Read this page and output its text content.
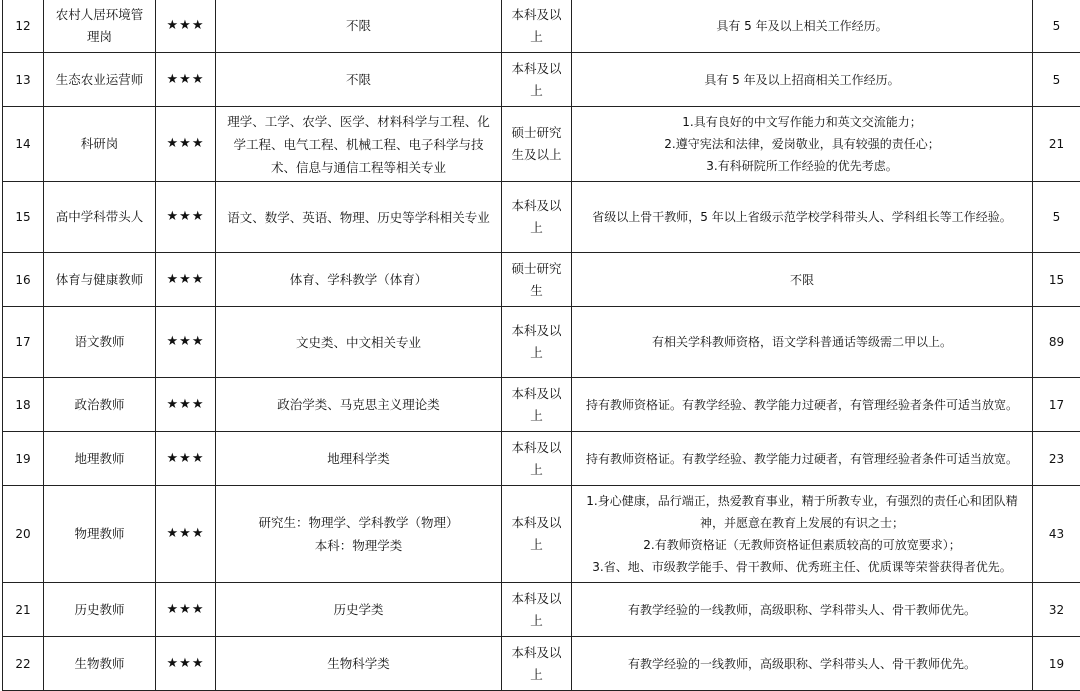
12	农村人居环境管理岗	★★★	不限	本科及以上	具有 5 年及以上相关工作经历。	5	
13	生态农业运营师	★★★	不限	本科及以上	具有 5 年及以上招商相关工作经历。	5	
14	科研岗	★★★	理学、工学、农学、医学、材料科学与工程、化学工程、电气工程、机械工程、电子科学与技术、信息与通信工程等相关专业	硕士研究生及以上	1.具有良好的中文写作能力和英文交流能力；
2.遵守宪法和法律，爱岗敬业，具有较强的责任心；
3.有科研院所工作经验的优先考虑。	21	
15	高中学科带头人	★★★	语文、数学、英语、物理、历史等学科相关专业	本科及以上	省级以上骨干教师，5 年以上省级示范学校学科带头人、学科组长等工作经验。	5	
16	体育与健康教师	★★★	体育、学科教学（体育）	硕士研究生	不限	15	
17	语文教师	★★★	文史类、中文相关专业	本科及以上	有相关学科教师资格，语文学科普通话等级需二甲以上。	89	
18	政治教师	★★★	政治学类、马克思主义理论类	本科及以上	持有教师资格证。有教学经验、教学能力过硬者，有管理经验者条件可适当放宽。	17	
19	地理教师	★★★	地理科学类	本科及以上	持有教师资格证。有教学经验、教学能力过硬者，有管理经验者条件可适当放宽。	23	
20	物理教师	★★★	研究生：物理学、学科教学（物理）
本科：物理学类	本科及以上	1.身心健康，品行端正，热爱教育事业，精于所教专业，有强烈的责任心和团队精神，并愿意在教育上发展的有识之士；
2.有教师资格证（无教师资格证但素质较高的可放宽要求）；
3.省、地、市级教学能手、骨干教师、优秀班主任、优质课等荣誉获得者优先。	43	
21	历史教师	★★★	历史学类	本科及以上	有教学经验的一线教师，高级职称、学科带头人、骨干教师优先。	32	
22	生物教师	★★★	生物科学类	本科及以上	有教学经验的一线教师，高级职称、学科带头人、骨干教师优先。	19	
